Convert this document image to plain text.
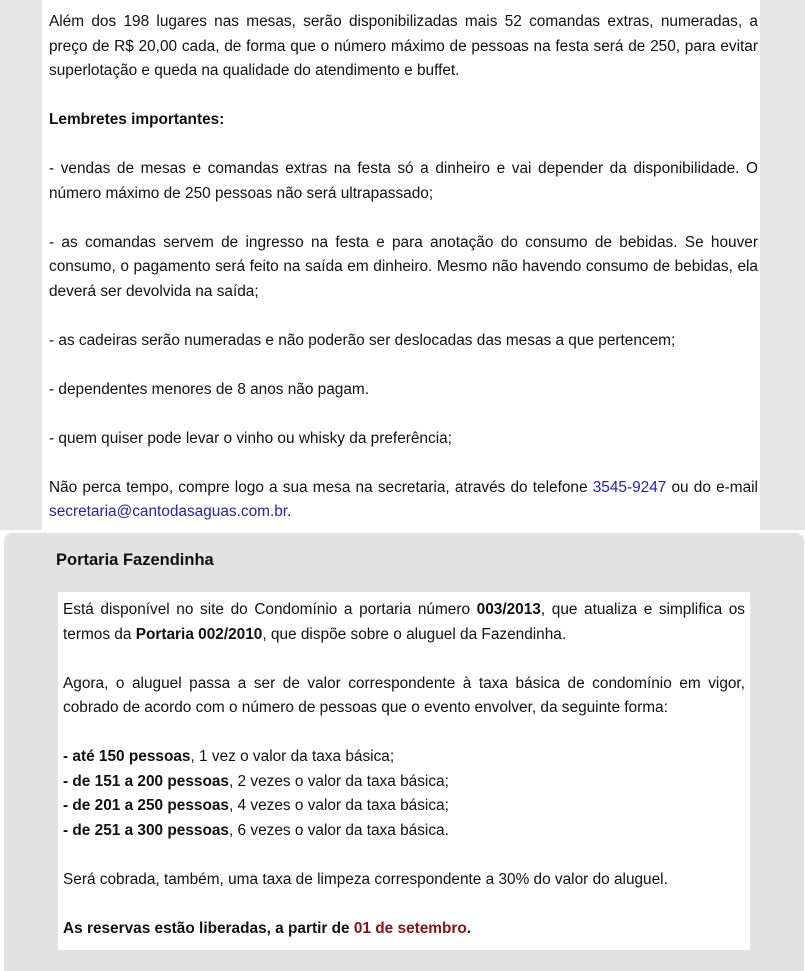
Além dos 198 lugares nas mesas, serão disponibilizadas mais 52 comandas extras, numeradas, a preço de R$ 20,00 cada, de forma que o número máximo de pessoas na festa será de 250, para evitar superlotação e queda na qualidade do atendimento e buffet.

Lembretes importantes:

- vendas de mesas e comandas extras na festa só a dinheiro e vai depender da disponibilidade. O número máximo de 250 pessoas não será ultrapassado;

- as comandas servem de ingresso na festa e para anotação do consumo de bebidas. Se houver consumo, o pagamento será feito na saída em dinheiro. Mesmo não havendo consumo de bebidas, ela deverá ser devolvida na saída;

- as cadeiras serão numeradas e não poderão ser deslocadas das mesas a que pertencem;

- dependentes menores de 8 anos não pagam.

- quem quiser pode levar o vinho ou whisky da preferência;

Não perca tempo, compre logo a sua mesa na secretaria, através do telefone 3545-9247 ou do e-mail secretaria@cantodasaguas.com.br.

Portaria Fazendinha

Está disponível no site do Condomínio a portaria número 003/2013, que atualiza e simplifica os termos da Portaria 002/2010, que dispõe sobre o aluguel da Fazendinha.

Agora, o aluguel passa a ser de valor correspondente à taxa básica de condomínio em vigor, cobrado de acordo com o número de pessoas que o evento envolver, da seguinte forma:

- até 150 pessoas, 1 vez o valor da taxa básica;
- de 151 a 200 pessoas, 2 vezes o valor da taxa básica;
- de 201 a 250 pessoas, 4 vezes o valor da taxa básica;
- de 251 a 300 pessoas, 6 vezes o valor da taxa básica.

Será cobrada, também, uma taxa de limpeza correspondente a 30% do valor do aluguel.

As reservas estão liberadas, a partir de 01 de setembro.
